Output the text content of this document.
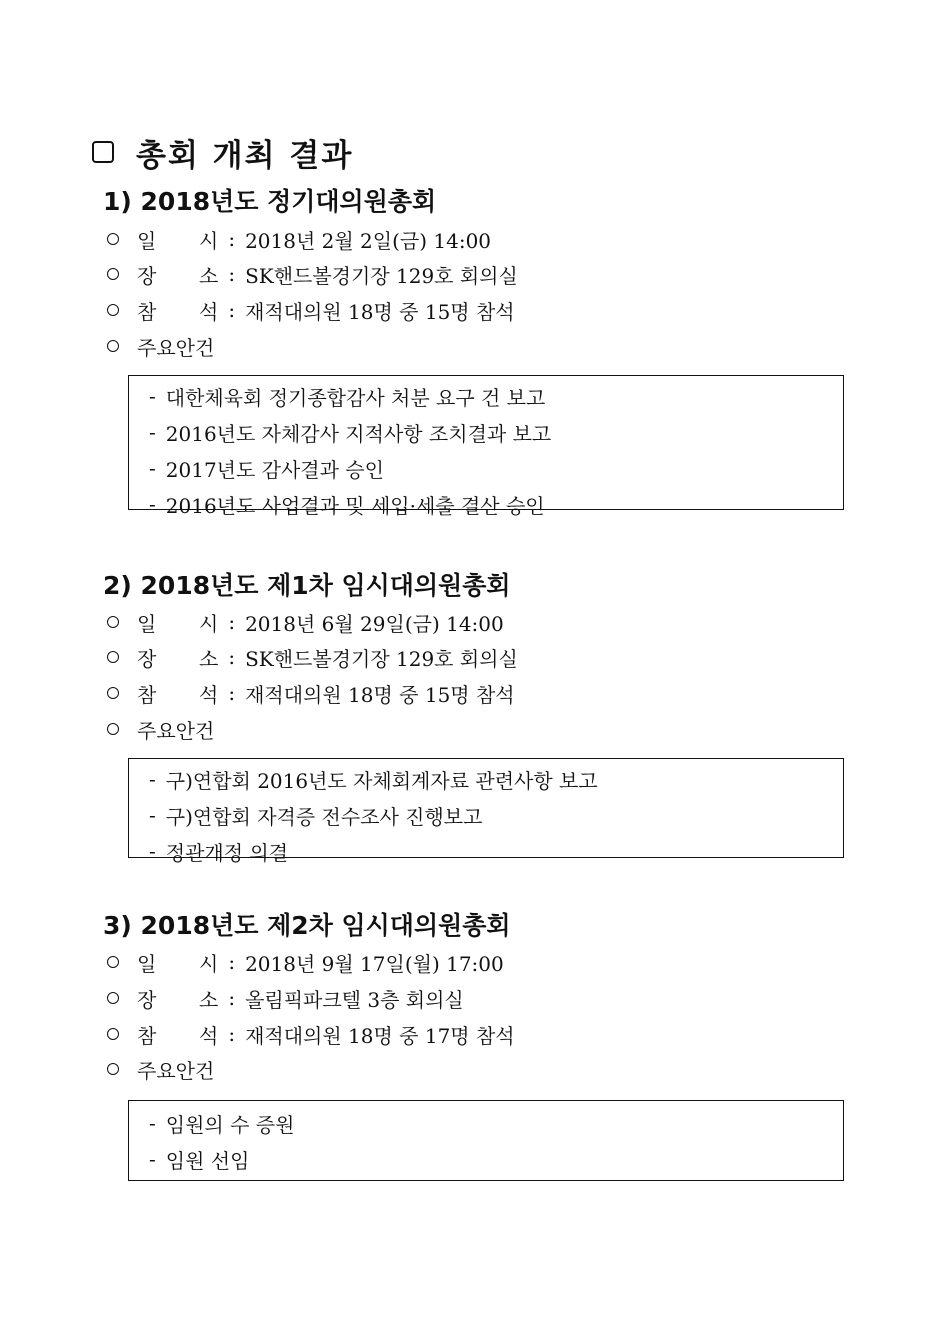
총회 개최 결과
1) 2018년도 정기대의원총회
일	시 : 2018년 2월 2일(금) 14:00
장	소 : SK핸드볼경기장 129호 회의실
참	석 : 재적대의원 18명 중 15명 참석
주요안건
- 대한체육회 정기종합감사 처분 요구 건 보고
- 2016년도 자체감사 지적사항 조치결과 보고
- 2017년도 감사결과 승인
- 2016년도 사업결과 및 세입·세출 결산 승인
2) 2018년도 제1차 임시대의원총회
일	시 : 2018년 6월 29일(금) 14:00
장	소 : SK핸드볼경기장 129호 회의실
참	석 : 재적대의원 18명 중 15명 참석
주요안건
- 구)연합회 2016년도 자체회계자료 관련사항 보고
- 구)연합회 자격증 전수조사 진행보고
- 정관개정 의결
3) 2018년도 제2차 임시대의원총회
일	시 : 2018년 9월 17일(월) 17:00
장	소 : 올림픽파크텔 3층 회의실
참	석 : 재적대의원 18명 중 17명 참석
주요안건
- 임원의 수 증원
- 임원 선임
